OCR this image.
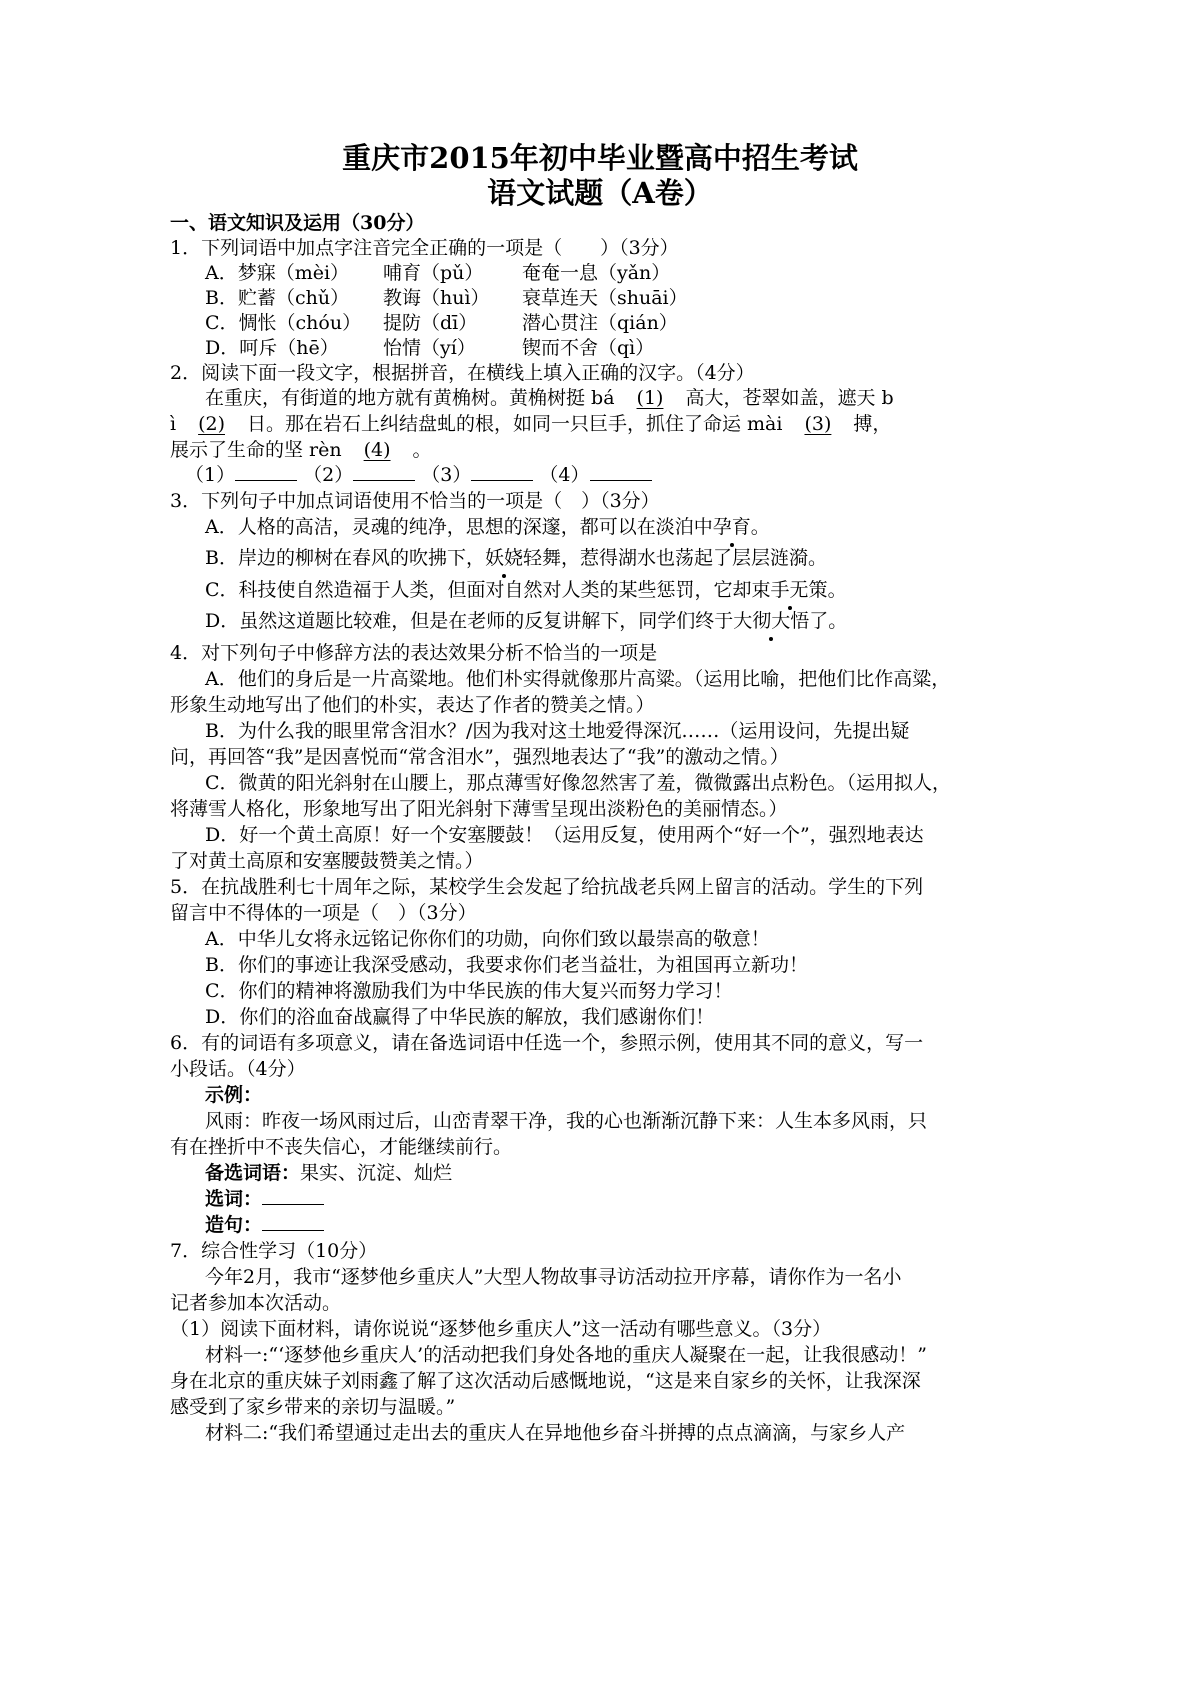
重庆市2015年初中毕业暨高中招生考试
语文试题（A卷）
一、语文知识及运用（30分）
1．下列词语中加点字注音完全正确的一项是（　　）（3分）
A．梦寐（mèi） 哺育（pǔ） 奄奄一息（yǎn）
B．贮蓄（chǔ） 教诲（huì） 衰草连天（shuāi）
C．惆怅（chóu） 提防（dī） 潜心贯注（qián）
D．呵斥（hē） 怡情（yí） 锲而不舍（qì）
2．阅读下面一段文字，根据拼音，在横线上填入正确的汉字。（4分）
在重庆，有街道的地方就有黄桷树。黄桷树挺 bá (1) 高大，苍翠如盖，遮天 b
ì (2) 日。那在岩石上纠结盘虬的根，如同一只巨手，抓住了命运 mài (3) 搏，
展示了生命的坚 rèn (4) 。
（1）	（2）	（3）	（4）
3．下列句子中加点词语使用不恰当的一项是（　）（3分）
A．人格的高洁，灵魂的纯净，思想的深邃，都可以在淡泊中孕育。
B．岸边的柳树在春风的吹拂下，妖娆轻舞，惹得湖水也荡起了层层涟漪。
C．科技使自然造福于人类，但面对自然对人类的某些惩罚，它却束手无策。
D．虽然这道题比较难，但是在老师的反复讲解下，同学们终于大彻大悟了。
4．对下列句子中修辞方法的表达效果分析不恰当的一项是
A．他们的身后是一片高粱地。他们朴实得就像那片高粱。（运用比喻，把他们比作高粱，
形象生动地写出了他们的朴实，表达了作者的赞美之情。）
B．为什么我的眼里常含泪水？/因为我对这土地爱得深沉……（运用设问，先提出疑
问，再回答“我”是因喜悦而“常含泪水”，强烈地表达了“我”的激动之情。）
C．微黄的阳光斜射在山腰上，那点薄雪好像忽然害了羞，微微露出点粉色。（运用拟人，
将薄雪人格化，形象地写出了阳光斜射下薄雪呈现出淡粉色的美丽情态。）
D．好一个黄土高原！好一个安塞腰鼓！（运用反复，使用两个“好一个”，强烈地表达
了对黄土高原和安塞腰鼓赞美之情。）
5．在抗战胜利七十周年之际，某校学生会发起了给抗战老兵网上留言的活动。学生的下列
留言中不得体的一项是（　）（3分）
A．中华儿女将永远铭记你你们的功勋，向你们致以最崇高的敬意！
B．你们的事迹让我深受感动，我要求你们老当益壮，为祖国再立新功！
C．你们的精神将激励我们为中华民族的伟大复兴而努力学习！
D．你们的浴血奋战赢得了中华民族的解放，我们感谢你们！
6．有的词语有多项意义，请在备选词语中任选一个，参照示例，使用其不同的意义，写一
小段话。（4分）
示例：
风雨：昨夜一场风雨过后，山峦青翠干净，我的心也渐渐沉静下来：人生本多风雨，只
有在挫折中不丧失信心，才能继续前行。
备选词语：果实、沉淀、灿烂
选词：
造句：
7．综合性学习（10分）
今年2月，我市“逐梦他乡重庆人”大型人物故事寻访活动拉开序幕，请你作为一名小
记者参加本次活动。
（1）阅读下面材料，请你说说“逐梦他乡重庆人”这一活动有哪些意义。（3分）
材料一:“‘逐梦他乡重庆人’的活动把我们身处各地的重庆人凝聚在一起，让我很感动！”
身在北京的重庆妹子刘雨鑫了解了这次活动后感慨地说，“这是来自家乡的关怀，让我深深
感受到了家乡带来的亲切与温暖。”
材料二:“我们希望通过走出去的重庆人在异地他乡奋斗拼搏的点点滴滴，与家乡人产
